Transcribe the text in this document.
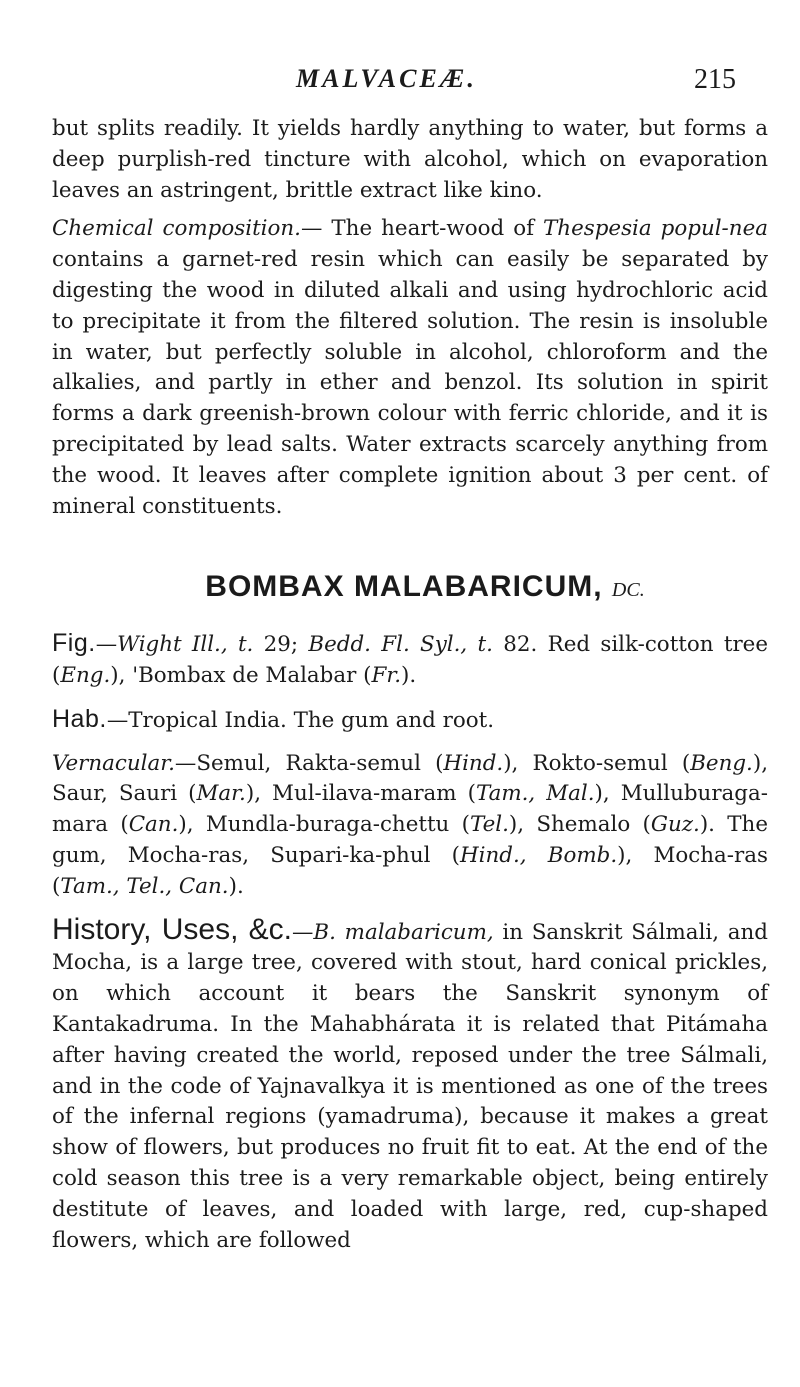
MALVACEÆ.	215

but splits readily. It yields hardly anything to water, but forms a deep purplish-red tincture with alcohol, which on evaporation leaves an astringent, brittle extract like kino.

Chemical composition.— The heart-wood of Thespesia popul-nea contains a garnet-red resin which can easily be separated by digesting the wood in diluted alkali and using hydrochloric acid to precipitate it from the filtered solution. The resin is insoluble in water, but perfectly soluble in alcohol, chloroform and the alkalies, and partly in ether and benzol. Its solution in spirit forms a dark greenish-brown colour with ferric chloride, and it is precipitated by lead salts. Water extracts scarcely anything from the wood. It leaves after complete ignition about 3 per cent. of mineral constituents.

BOMBAX MALABARICUM, DC.

Fig.—Wight Ill., t. 29; Bedd. Fl. Syl., t. 82. Red silk-cotton tree (Eng.), 'Bombax de Malabar (Fr.).

Hab.—Tropical India. The gum and root.

Vernacular.—Semul, Rakta-semul (Hind.), Rokto-semul (Beng.), Saur, Sauri (Mar.), Mul-ilava-maram (Tam., Mal.), Mulluburaga-mara (Can.), Mundla-buraga-chettu (Tel.), Shemalo (Guz.). The gum, Mocha-ras, Supari-ka-phul (Hind., Bomb.), Mocha-ras (Tam., Tel., Can.).

History, Uses, &c.—B. malabaricum, in Sanskrit Sálmali, and Mocha, is a large tree, covered with stout, hard conical prickles, on which account it bears the Sanskrit synonym of Kantakadruma. In the Mahabhárata it is related that Pitámaha after having created the world, reposed under the tree Sálmali, and in the code of Yajnavalkya it is mentioned as one of the trees of the infernal regions (yamadruma), because it makes a great show of flowers, but produces no fruit fit to eat. At the end of the cold season this tree is a very remarkable object, being entirely destitute of leaves, and loaded with large, red, cup-shaped flowers, which are followed
